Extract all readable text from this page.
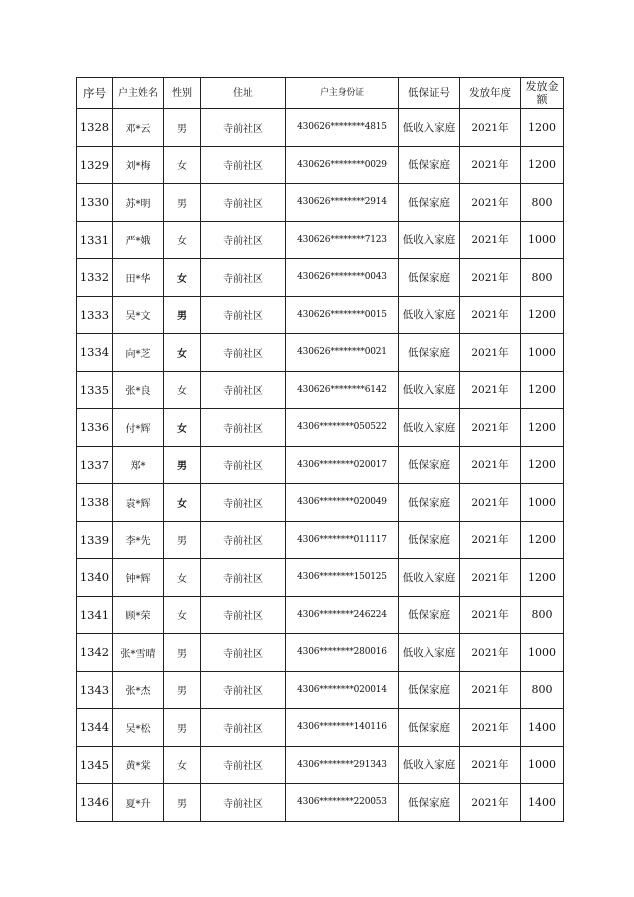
序号	户主姓名	性别	住址	户主身份证	低保证号	发放年度	发放金额
1328	邓*云	男	寺前社区	430626********4815	低收入家庭	2021年	1200
1329	刘*梅	女	寺前社区	430626********0029	低保家庭	2021年	1200
1330	苏*明	男	寺前社区	430626********2914	低保家庭	2021年	800
1331	严*娥	女	寺前社区	430626********7123	低收入家庭	2021年	1000
1332	田*华	女	寺前社区	430626********0043	低保家庭	2021年	800
1333	吴*文	男	寺前社区	430626********0015	低收入家庭	2021年	1200
1334	向*芝	女	寺前社区	430626********0021	低保家庭	2021年	1000
1335	张*良	女	寺前社区	430626********6142	低收入家庭	2021年	1200
1336	付*辉	女	寺前社区	4306********050522	低收入家庭	2021年	1200
1337	郑*	男	寺前社区	4306********020017	低保家庭	2021年	1200
1338	袁*辉	女	寺前社区	4306********020049	低保家庭	2021年	1000
1339	李*先	男	寺前社区	4306********011117	低保家庭	2021年	1200
1340	钟*辉	女	寺前社区	4306********150125	低收入家庭	2021年	1200
1341	顾*荣	女	寺前社区	4306********246224	低保家庭	2021年	800
1342	张*雪晴	男	寺前社区	4306********280016	低收入家庭	2021年	1000
1343	张*杰	男	寺前社区	4306********020014	低保家庭	2021年	800
1344	吴*松	男	寺前社区	4306********140116	低保家庭	2021年	1400
1345	黄*棠	女	寺前社区	4306********291343	低收入家庭	2021年	1000
1346	夏*升	男	寺前社区	4306********220053	低保家庭	2021年	1400
